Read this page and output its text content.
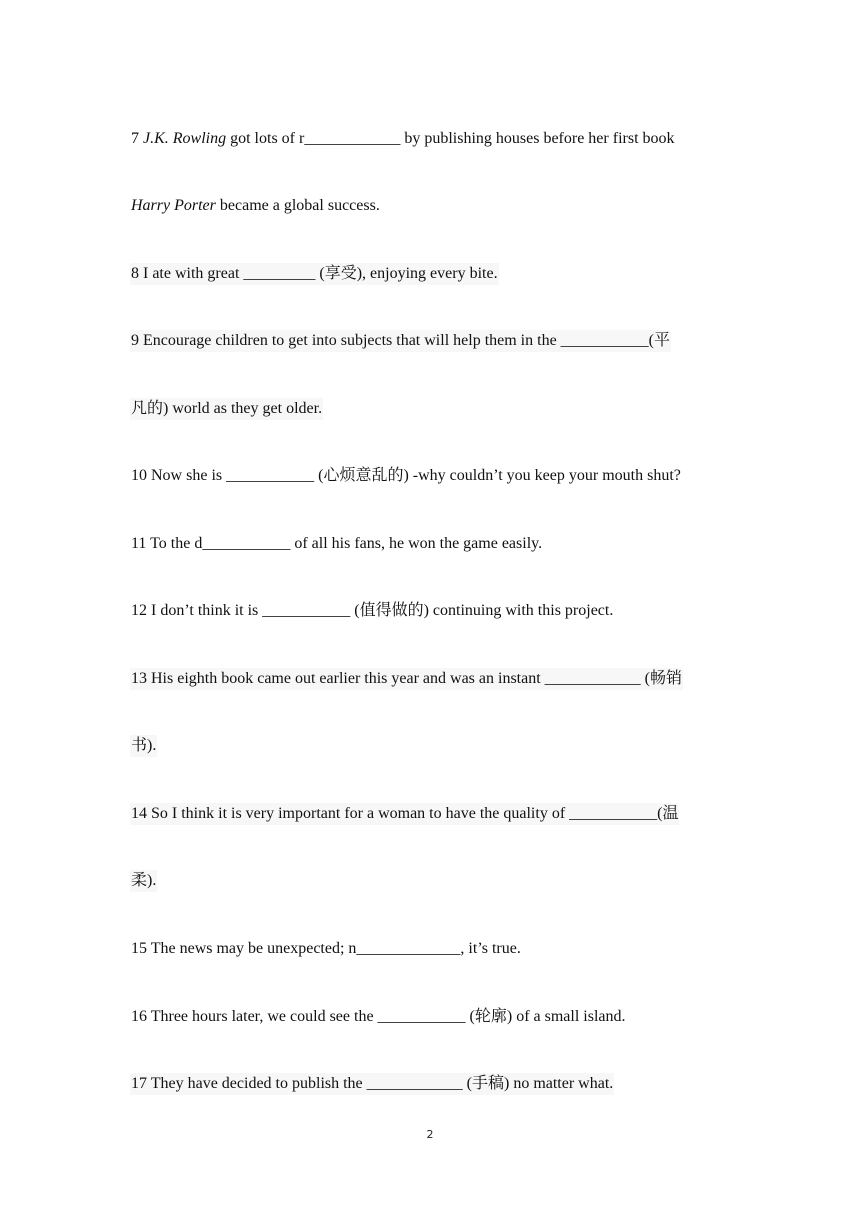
7 J.K. Rowling got lots of r____________ by publishing houses before her first book
Harry Porter became a global success.
8 I ate with great _________ (享受), enjoying every bite.
9 Encourage children to get into subjects that will help them in the ___________(平
凡的) world as they get older.
10 Now she is ___________ (心烦意乱的) -why couldn’t you keep your mouth shut?
11 To the d___________ of all his fans, he won the game easily.
12 I don’t think it is ___________ (值得做的) continuing with this project.
13 His eighth book came out earlier this year and was an instant ____________ (畅销
书).
14 So I think it is very important for a woman to have the quality of ___________(温
柔).
15 The news may be unexpected; n_____________, it’s true.
16 Three hours later, we could see the ___________ (轮廓) of a small island.
17 They have decided to publish the ____________ (手稿) no matter what.
2
